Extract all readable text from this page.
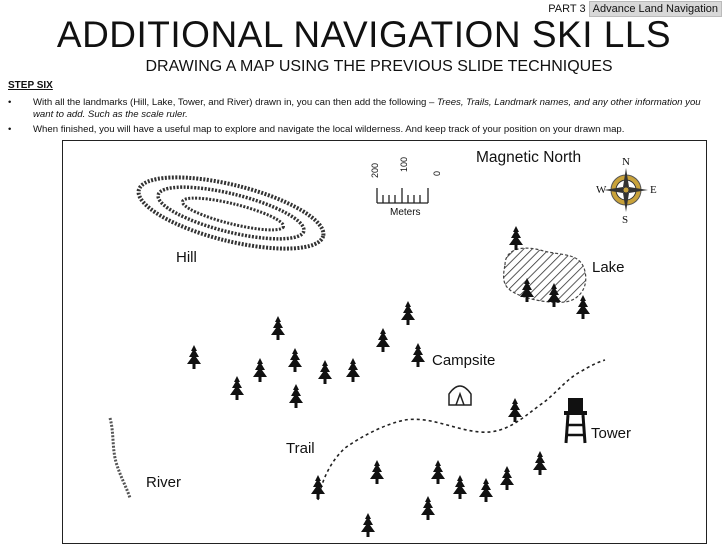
PART 3 Advance Land Navigation
ADDITIONAL NAVIGATION SKI LLS
DRAWING A MAP USING THE PREVIOUS SLIDE TECHNIQUES
STEP SIX
• With all the landmarks (Hill, Lake, Tower, and River) drawn in, you can then add the following – Trees, Trails, Landmark names, and any other information you want to add. Such as the scale ruler.
• When finished, you will have a useful map to explore and navigate the local wilderness. And keep track of your position on your drawn map.
Magnetic North
Hill
Lake
Campsite
Tower
Trail
River
200 100
0
Meters
N
S
W	E
